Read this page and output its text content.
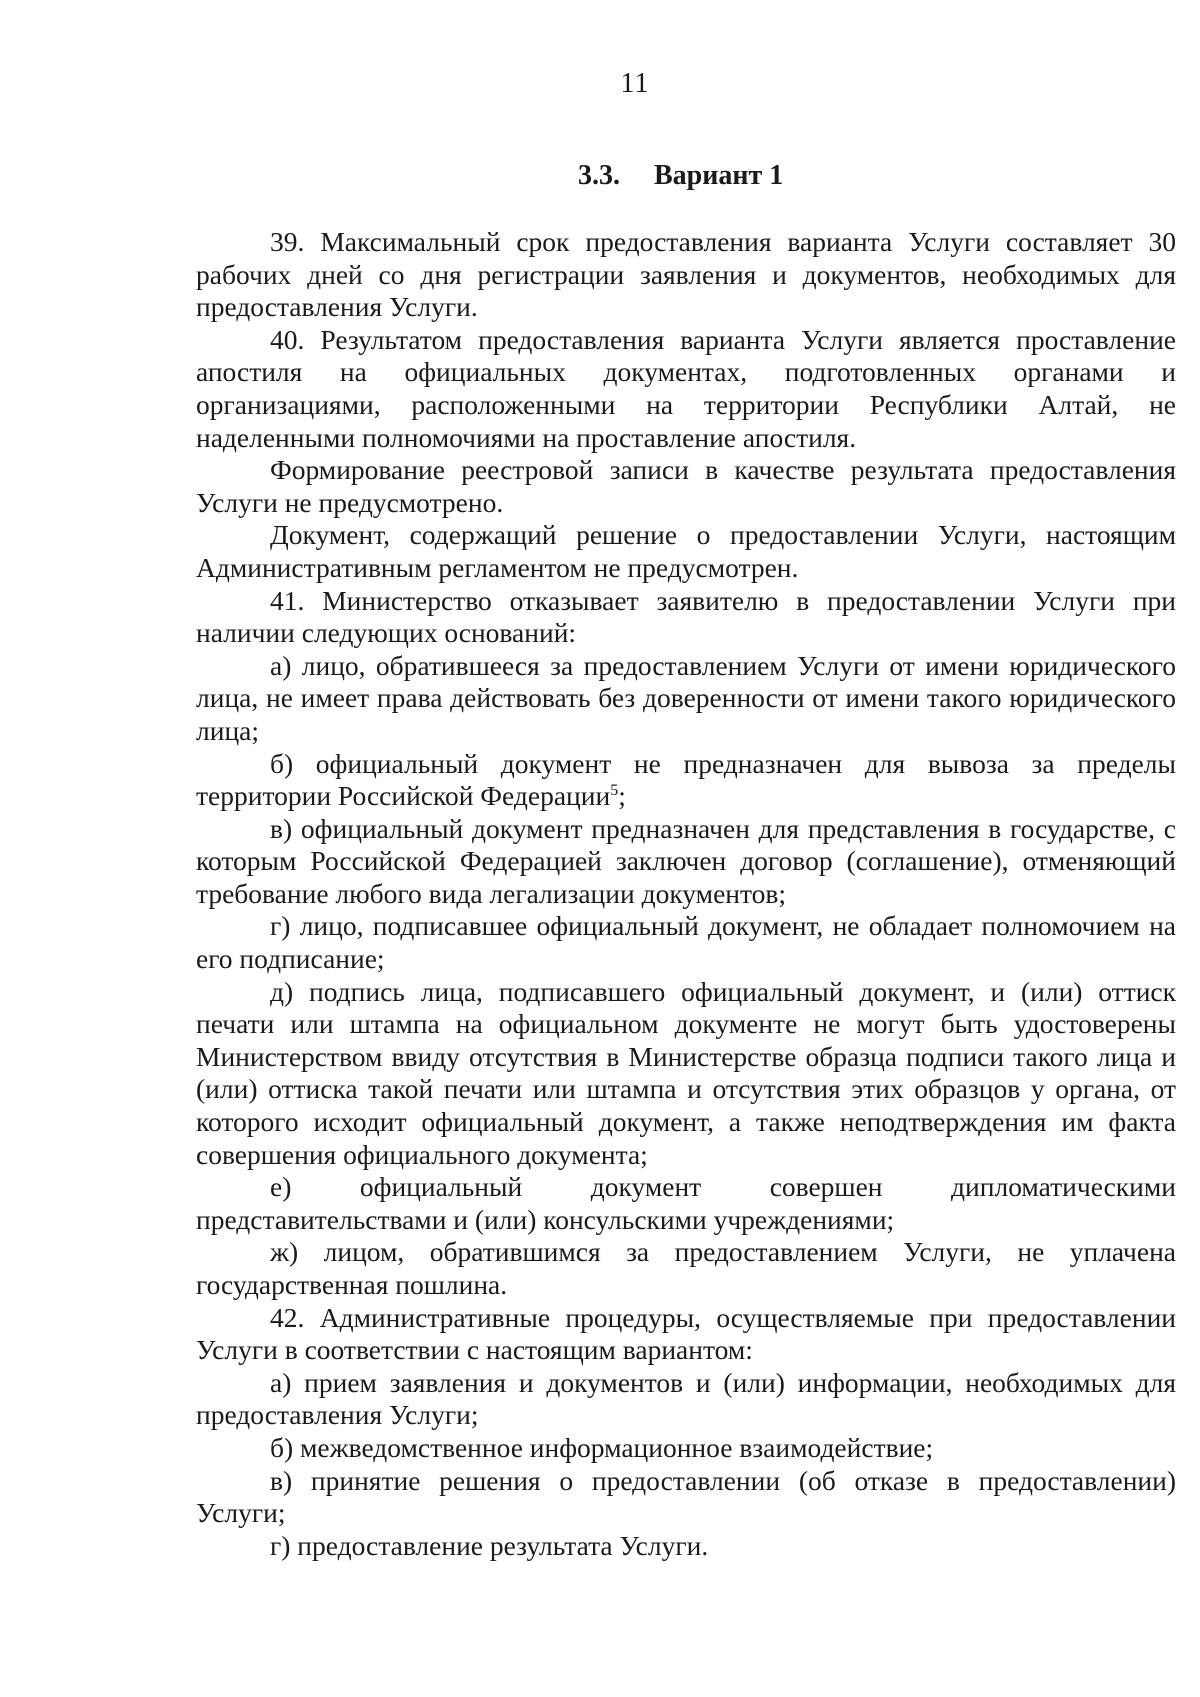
11
3.3. Вариант 1

39. Максимальный срок предоставления варианта Услуги составляет 30 рабочих дней со дня регистрации заявления и документов, необходимых для предоставления Услуги.

40. Результатом предоставления варианта Услуги является проставление апостиля на официальных документах, подготовленных органами и организациями, расположенными на территории Республики Алтай, не наделенными полномочиями на проставление апостиля.

Формирование реестровой записи в качестве результата предоставления Услуги не предусмотрено.

Документ, содержащий решение о предоставлении Услуги, настоящим Административным регламентом не предусмотрен.

41. Министерство отказывает заявителю в предоставлении Услуги при наличии следующих оснований:

а) лицо, обратившееся за предоставлением Услуги от имени юридического лица, не имеет права действовать без доверенности от имени такого юридического лица;

б) официальный документ не предназначен для вывоза за пределы территории Российской Федерации$^5$;

в) официальный документ предназначен для представления в государстве, с которым Российской Федерацией заключен договор (соглашение), отменяющий требование любого вида легализации документов;

г) лицо, подписавшее официальный документ, не обладает полномочием на его подписание;

д) подпись лица, подписавшего официальный документ, и (или) оттиск печати или штампа на официальном документе не могут быть удостоверены Министерством ввиду отсутствия в Министерстве образца подписи такого лица и (или) оттиска такой печати или штампа и отсутствия этих образцов у органа, от которого исходит официальный документ, а также неподтверждения им факта совершения официального документа;

е) официальный документ совершен дипломатическими представительствами и (или) консульскими учреждениями;

ж) лицом, обратившимся за предоставлением Услуги, не уплачена государственная пошлина.

42. Административные процедуры, осуществляемые при предоставлении Услуги в соответствии с настоящим вариантом:

а) прием заявления и документов и (или) информации, необходимых для предоставления Услуги;

б) межведомственное информационное взаимодействие;

в) принятие решения о предоставлении (об отказе в предоставлении) Услуги;

г) предоставление результата Услуги.
